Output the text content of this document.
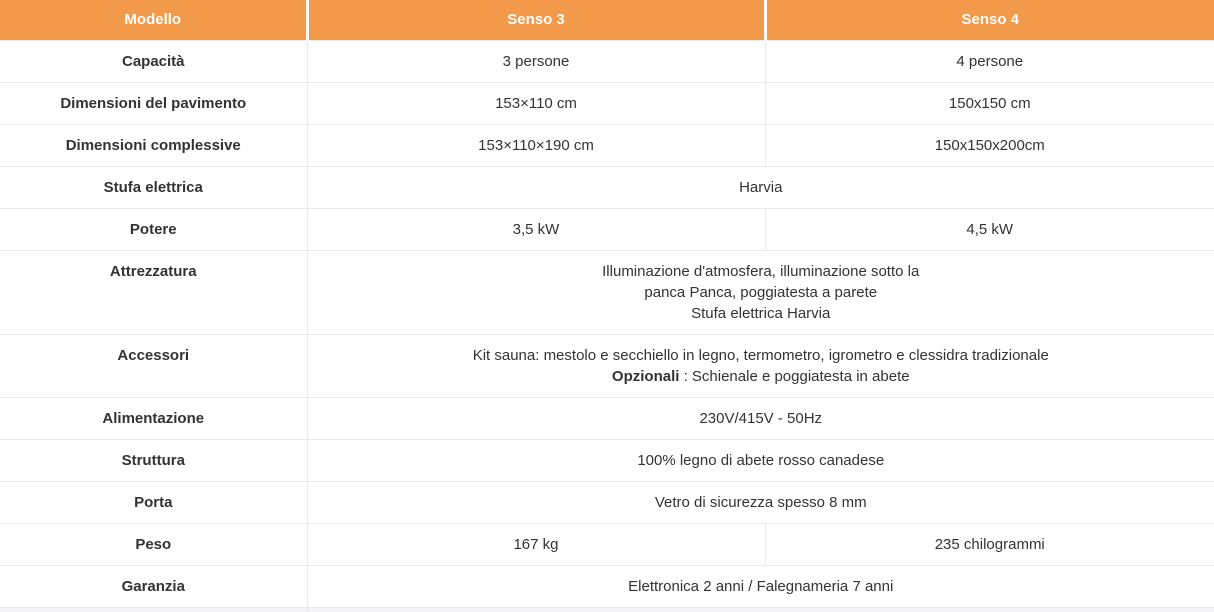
Modello	Senso 3	Senso 4
Capacità	3 persone	4 persone
Dimensioni del pavimento	153×110 cm	150x150 cm
Dimensioni complessive	153×110×190 cm	150x150x200cm
Stufa elettrica	Harvia	
Potere	3,5 kW	4,5 kW
Attrezzatura	Illuminazione d'atmosfera, illuminazione sotto la
panca Panca, poggiatesta a parete
Stufa elettrica Harvia	

Accessori	Kit sauna: mestolo e secchiello in legno, termometro, igrometro e clessidra tradizionale
Opzionali : Schienale e poggiatesta in abete	

Alimentazione	230V/415V - 50Hz	
Struttura	100% legno di abete rosso canadese	
Porta	Vetro di sicurezza spesso 8 mm	
Peso	167 kg	235 chilogrammi
Garanzia	Elettronica 2 anni / Falegnameria 7 anni	
